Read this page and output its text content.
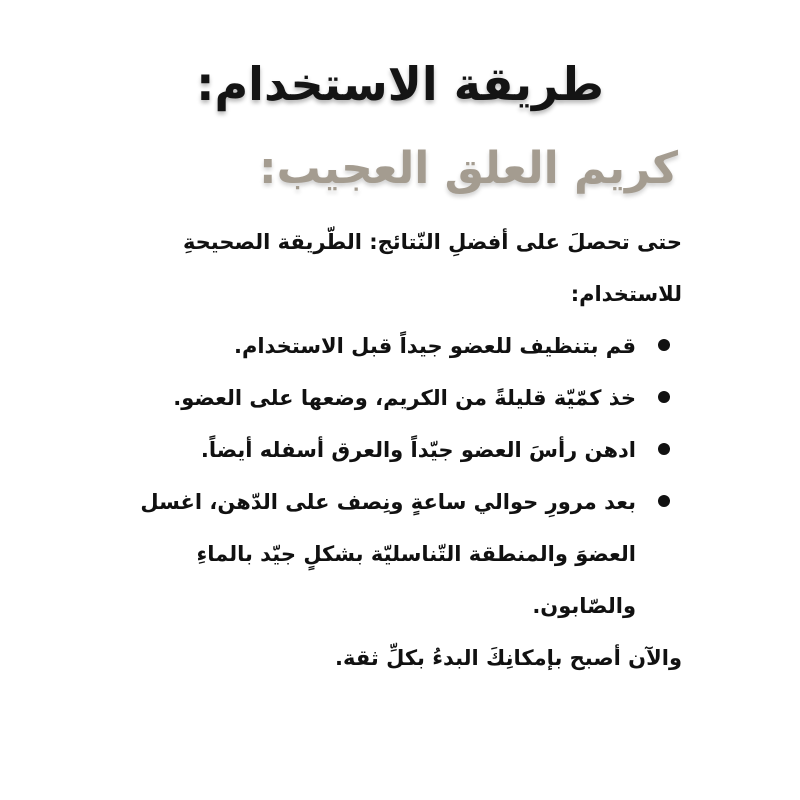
طريقة الاستخدام:
كريم العلق العجيب:

حتى تحصلَ على أفضلِ النّتائج: الطّريقة الصحيحةِ للاستخدام:

قم بتنظيف للعضو جيداً قبل الاستخدام.
خذ كمّيّة قليلةً من الكريم، وضعها على العضو.
ادهن رأسَ العضو جيّداً والعرق أسفله أيضاً.
بعد مرورِ حوالي ساعةٍ ونِصف على الدّهن، اغسل العضوَ والمنطقة التّناسليّة بشكلٍ جيّد بالماءِ والصّابون.

والآن أصبح بإمكانِكَ البدءُ بكلِّ ثقة.
